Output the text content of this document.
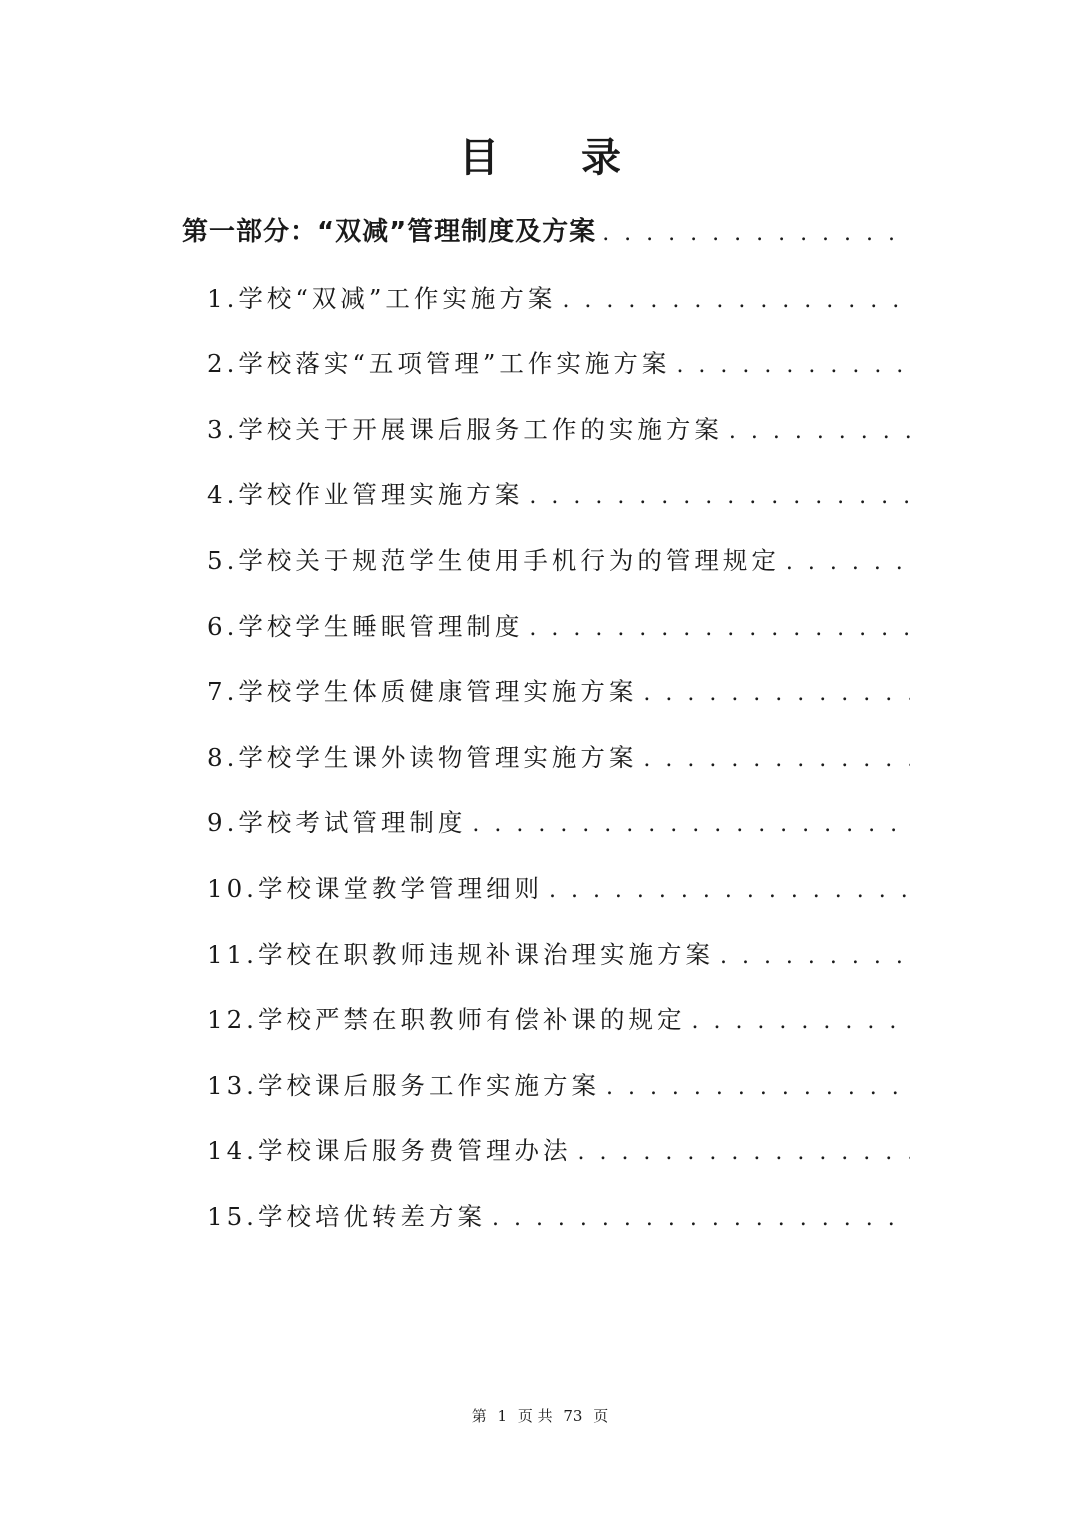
目 录
第一部分：“双减”管理制度及方案
. . .
1.学校“双减”工作实施方案
. . .
2.学校落实“五项管理”工作实施方案
. . .
3.学校关于开展课后服务工作的实施方案
. . .
4.学校作业管理实施方案
. . .
5.学校关于规范学生使用手机行为的管理规定
. . .
6.学校学生睡眠管理制度
. . .
7.学校学生体质健康管理实施方案
. . .
8.学校学生课外读物管理实施方案
. . .
9.学校考试管理制度
. . .
10.学校课堂教学管理细则
. . .
11.学校在职教师违规补课治理实施方案
. . .
12.学校严禁在职教师有偿补课的规定
. . .
13.学校课后服务工作实施方案
. . .
14.学校课后服务费管理办法
. . .
15.学校培优转差方案
. . .
第 1 页 共 73 页
